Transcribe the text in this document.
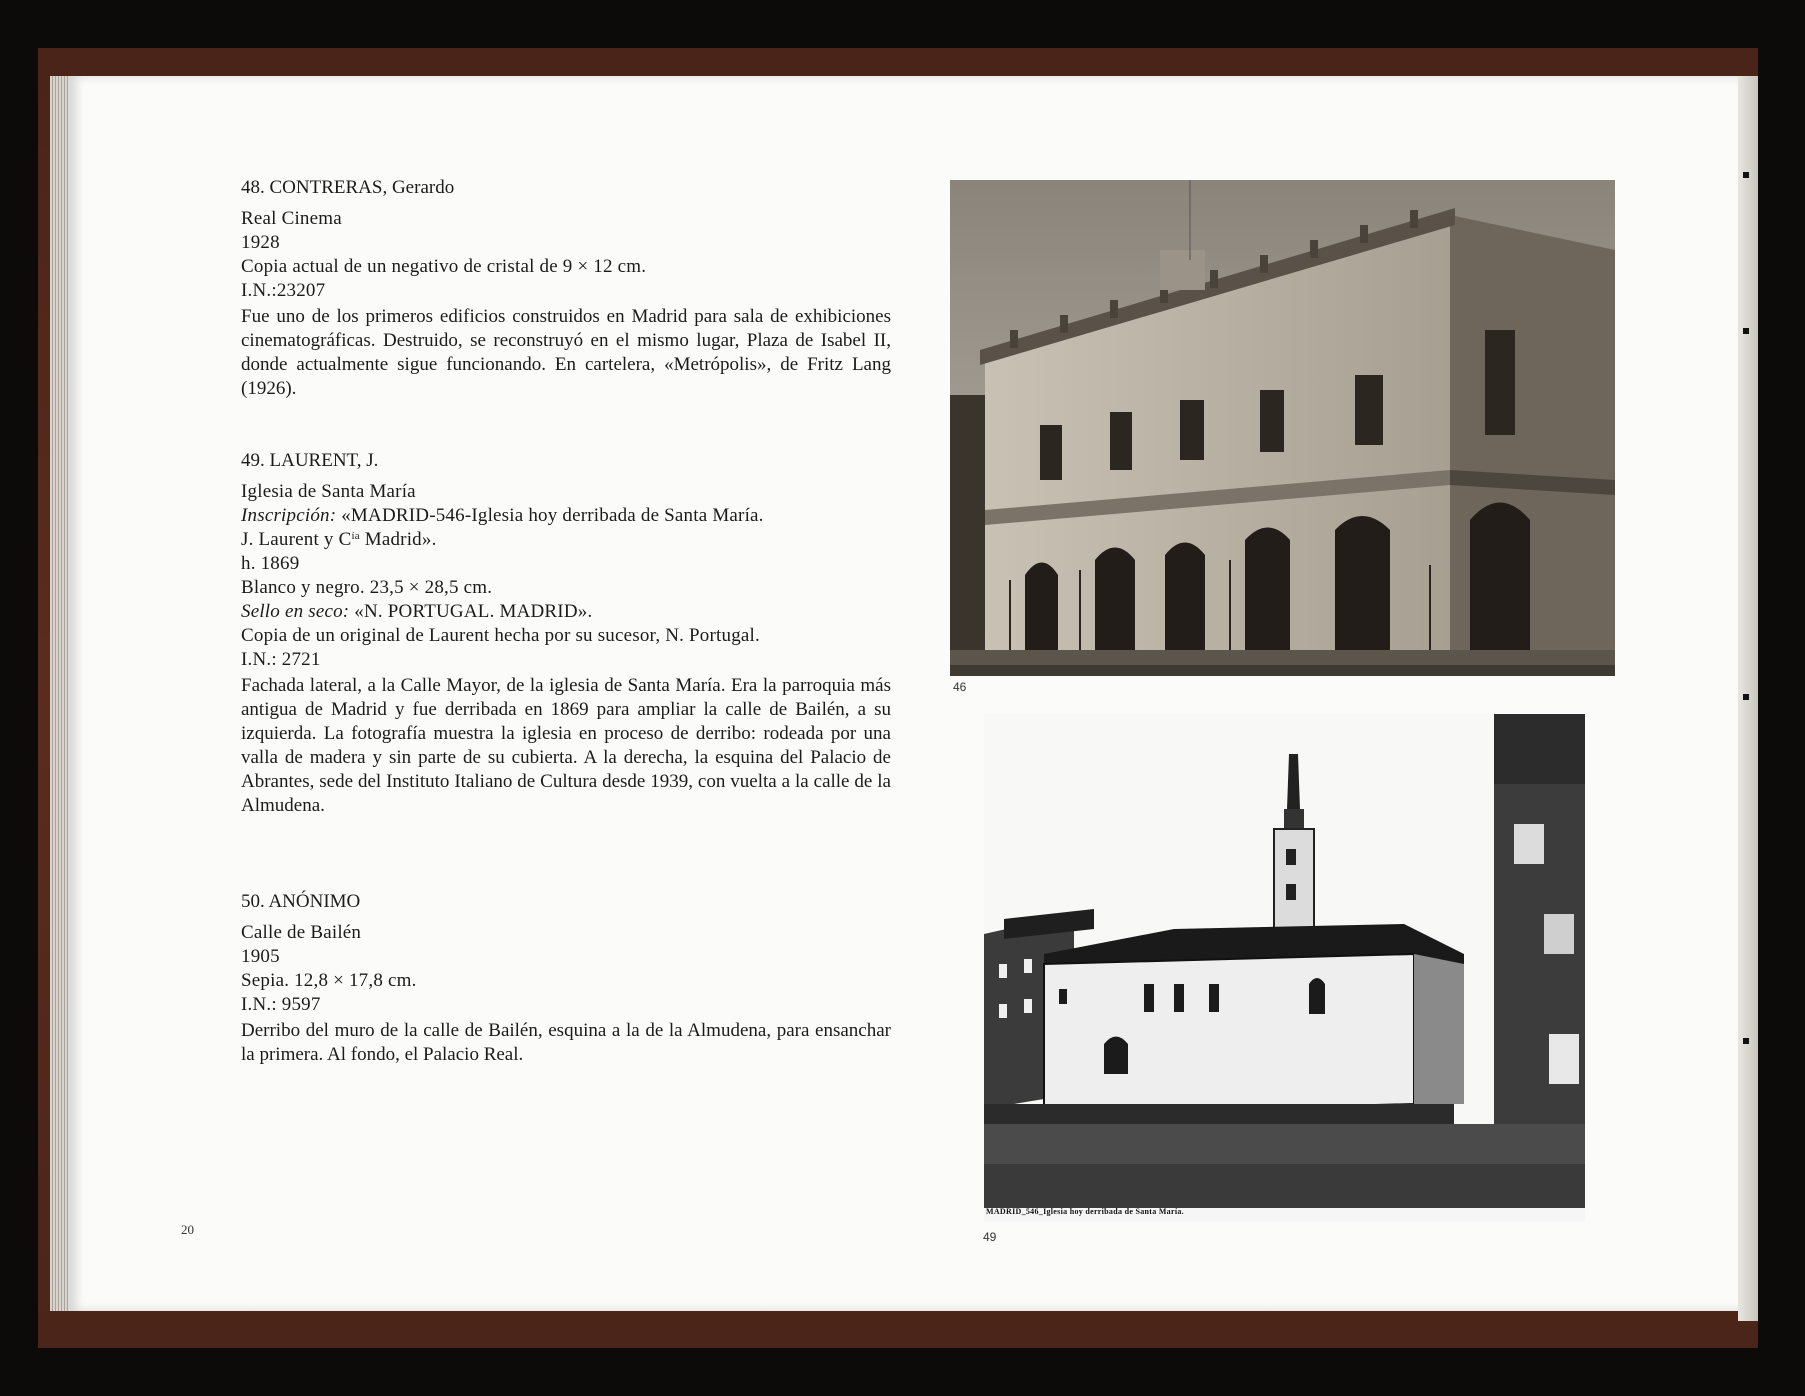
48. CONTRERAS, Gerardo
Real Cinema
1928
Copia actual de un negativo de cristal de 9 × 12 cm.
I.N.:23207
Fue uno de los primeros edificios construidos en Madrid para sala de exhibiciones cinematográficas. Destruido, se reconstruyó en el mismo lugar, Plaza de Isabel II, donde actualmente sigue funcionando. En cartelera, «Metrópolis», de Fritz Lang (1926).
49. LAURENT, J.
Iglesia de Santa María
Inscripción: «MADRID-546-Iglesia hoy derribada de Santa María.
J. Laurent y $C^{ía}$ Madrid».
h. 1869
Blanco y negro. 23,5 × 28,5 cm.
Sello en seco: «N. PORTUGAL. MADRID».
Copia de un original de Laurent hecha por su sucesor, N. Portugal.
I.N.: 2721
Fachada lateral, a la Calle Mayor, de la iglesia de Santa María. Era la parroquia más antigua de Madrid y fue derribada en 1869 para ampliar la calle de Bailén, a su izquierda. La fotografía muestra la iglesia en proceso de derribo: rodeada por una valla de madera y sin parte de su cubierta. A la derecha, la esquina del Palacio de Abrantes, sede del Instituto Italiano de Cultura desde 1939, con vuelta a la calle de la Almudena.
50. ANÓNIMO
Calle de Bailén
1905
Sepia. 12,8 × 17,8 cm.
I.N.: 9597
Derribo del muro de la calle de Bailén, esquina a la de la Almudena, para ensanchar la primera. Al fondo, el Palacio Real.
20
46
MADRID_546_Iglesia hoy derribada de Santa María.
49
